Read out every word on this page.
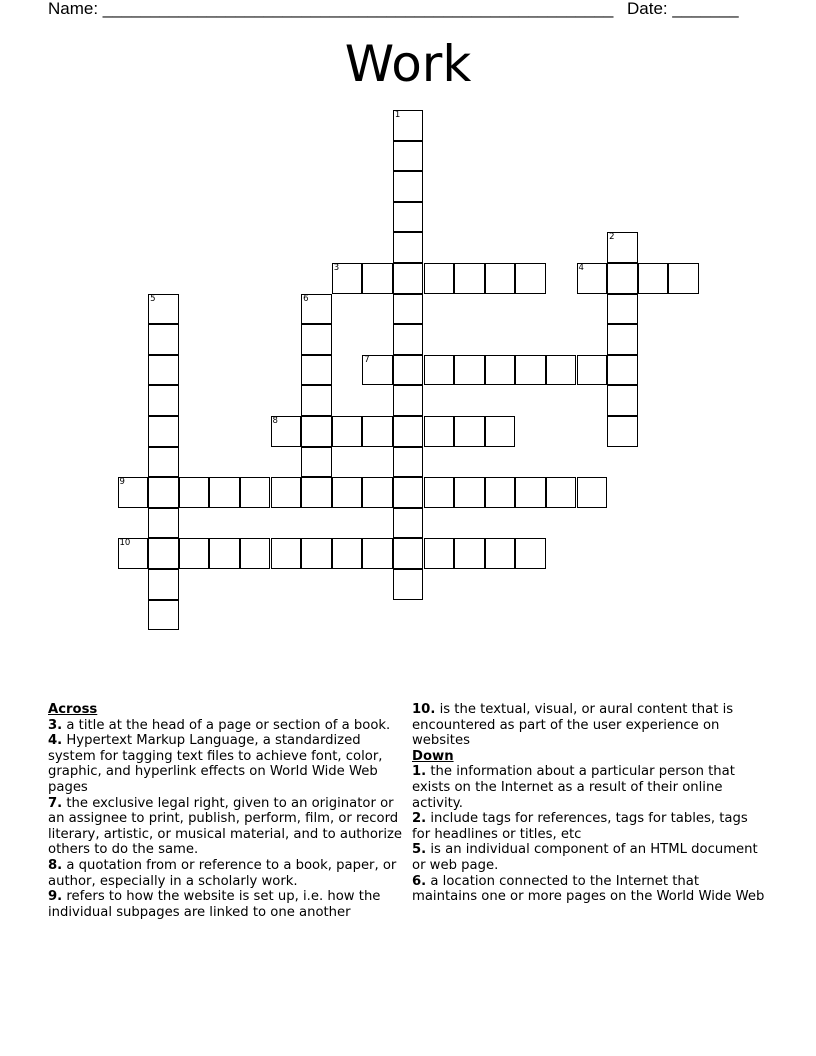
Name: ______________________________________________________ Date: _______
Work
1
2
3	4
5	6
7
8
9
10
Across

3. a title at the head of a page or section of a book.

4. Hypertext Markup Language, a standardized system for tagging text files to achieve font, color, graphic, and hyperlink effects on World Wide Web pages

7. the exclusive legal right, given to an originator or an assignee to print, publish, perform, film, or record literary, artistic, or musical material, and to authorize others to do the same.

8. a quotation from or reference to a book, paper, or author, especially in a scholarly work.

9. refers to how the website is set up, i.e. how the individual subpages are linked to one another

10. is the textual, visual, or aural content that is encountered as part of the user experience on websites

Down

1. the information about a particular person that exists on the Internet as a result of their online activity.

2. include tags for references, tags for tables, tags for headlines or titles, etc

5. is an individual component of an HTML document or web page.

6. a location connected to the Internet that maintains one or more pages on the World Wide Web
